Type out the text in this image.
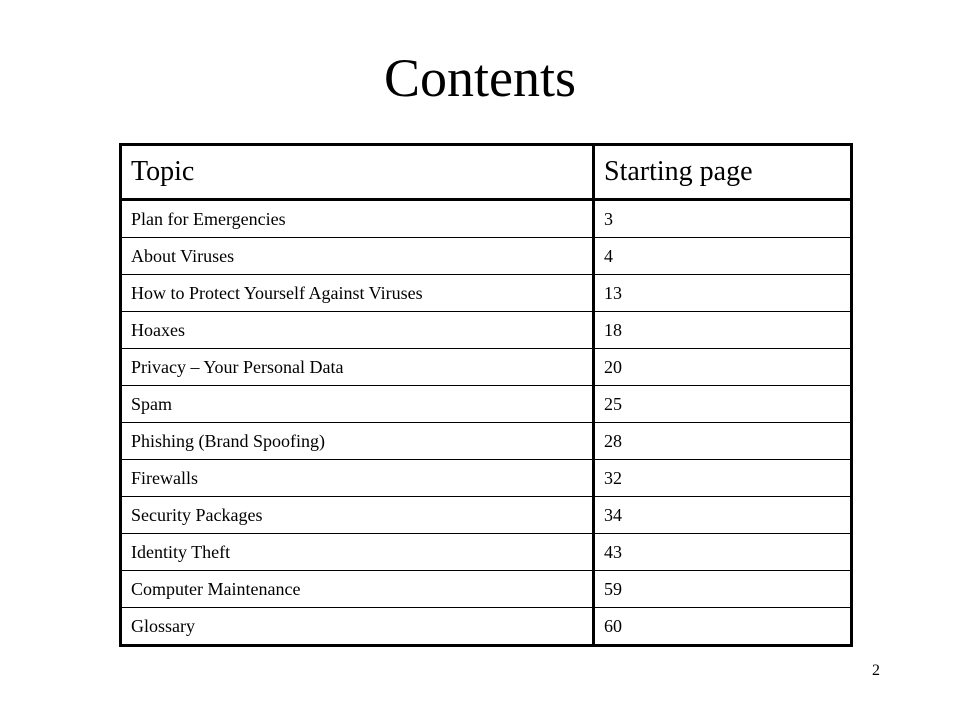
Contents
Topic	Starting page
Plan for Emergencies	3
About Viruses	4
How to Protect Yourself Against Viruses	13
Hoaxes	18
Privacy – Your Personal Data	20
Spam	25
Phishing (Brand Spoofing)	28
Firewalls	32
Security Packages	34
Identity Theft	43
Computer Maintenance	59
Glossary	60
2
